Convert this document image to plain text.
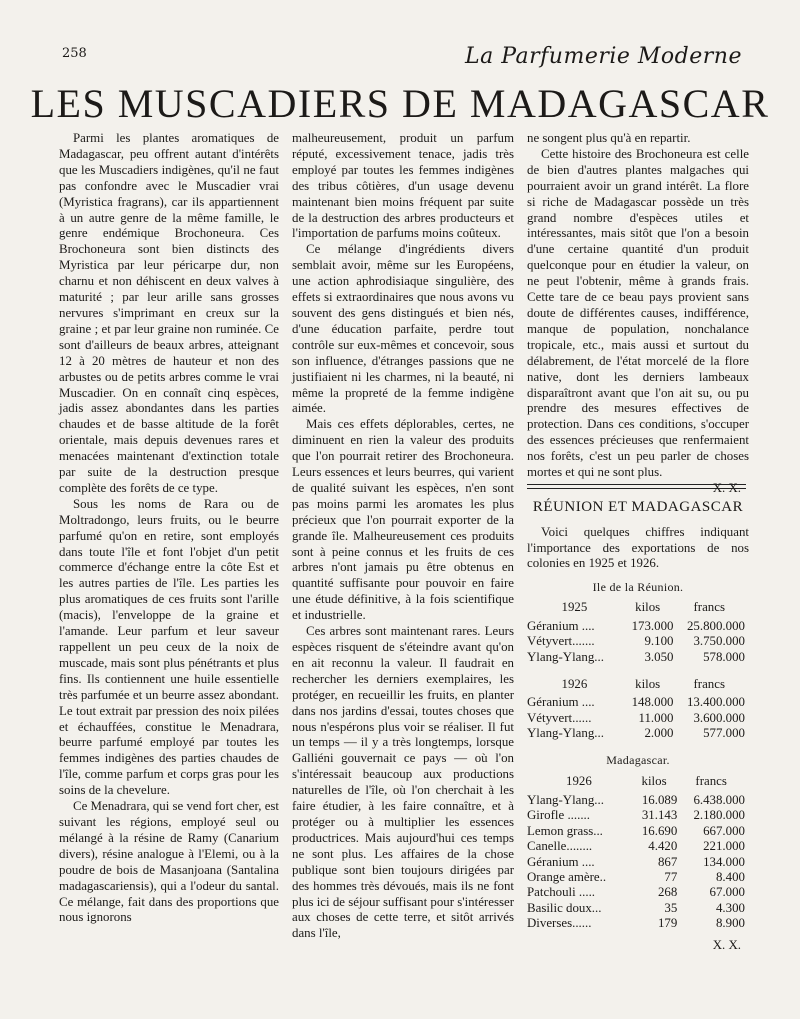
258	La Parfumerie Moderne
LES MUSCADIERS DE MADAGASCAR

Parmi les plantes aromatiques de Madagascar, peu offrent autant d'intérêts que les Muscadiers indigènes, qu'il ne faut pas confondre avec le Muscadier vrai (Myristica fragrans), car ils appartiennent à un autre genre de la même famille, le genre endémique Brochoneura. Ces Brochoneura sont bien distincts des Myristica par leur péricarpe dur, non charnu et non déhiscent en deux valves à maturité ; par leur arille sans grosses nervures s'imprimant en creux sur la graine ; et par leur graine non ruminée. Ce sont d'ailleurs de beaux arbres, atteignant 12 à 20 mètres de hauteur et non des arbustes ou de petits arbres comme le vrai Muscadier. On en connaît cinq espèces, jadis assez abondantes dans les parties chaudes et de basse altitude de la forêt orientale, mais depuis devenues rares et menacées maintenant d'extinction totale par suite de la destruction presque complète des forêts de ce type.

Sous les noms de Rara ou de Moltradongo, leurs fruits, ou le beurre parfumé qu'on en retire, sont employés dans toute l'île et font l'objet d'un petit commerce d'échange entre la côte Est et les autres parties de l'île. Les parties les plus aromatiques de ces fruits sont l'arille (macis), l'enveloppe de la graine et l'amande. Leur parfum et leur saveur rappellent un peu ceux de la noix de muscade, mais sont plus pénétrants et plus fins. Ils contiennent une huile essentielle très parfumée et un beurre assez abondant. Le tout extrait par pression des noix pilées et échauffées, constitue le Menadrara, beurre parfumé employé par toutes les femmes indigènes des parties chaudes de l'île, comme parfum et corps gras pour les soins de la chevelure.

Ce Menadrara, qui se vend fort cher, est suivant les régions, employé seul ou mélangé à la résine de Ramy (Canarium divers), résine analogue à l'Elemi, ou à la poudre de bois de Masanjoana (Santalina madagascariensis), qui a l'odeur du santal. Ce mélange, fait dans des proportions que nous ignorons

malheureusement, produit un parfum réputé, excessivement tenace, jadis très employé par toutes les femmes indigènes des tribus côtières, d'un usage devenu maintenant bien moins fréquent par suite de la destruction des arbres producteurs et l'importation de parfums moins coûteux.

Ce mélange d'ingrédients divers semblait avoir, même sur les Européens, une action aphrodisiaque singulière, des effets si extraordinaires que nous avons vu souvent des gens distingués et bien nés, d'une éducation parfaite, perdre tout contrôle sur eux-mêmes et concevoir, sous son influence, d'étranges passions que ne justifiaient ni les charmes, ni la beauté, ni même la propreté de la femme indigène aimée.

Mais ces effets déplorables, certes, ne diminuent en rien la valeur des produits que l'on pourrait retirer des Brochoneura. Leurs essences et leurs beurres, qui varient de qualité suivant les espèces, n'en sont pas moins parmi les aromates les plus précieux que l'on pourrait exporter de la grande île. Malheureusement ces produits sont à peine connus et les fruits de ces arbres n'ont jamais pu être obtenus en quantité suffisante pour pouvoir en faire une étude définitive, à la fois scientifique et industrielle.

Ces arbres sont maintenant rares. Leurs espèces risquent de s'éteindre avant qu'on en ait reconnu la valeur. Il faudrait en rechercher les derniers exemplaires, les protéger, en recueillir les fruits, en planter dans nos jardins d'essai, toutes choses que nous n'espérons plus voir se réaliser. Il fut un temps — il y a très longtemps, lorsque Galliéni gouvernait ce pays — où l'on s'intéressait beaucoup aux productions naturelles de l'île, où l'on cherchait à les faire étudier, à les faire connaître, et à protéger ou à multiplier les essences productrices. Mais aujourd'hui ces temps ne sont plus. Les affaires de la chose publique sont bien toujours dirigées par des hommes très dévoués, mais ils ne font plus ici de séjour suffisant pour s'intéresser aux choses de cette terre, et sitôt arrivés dans l'île,

ne songent plus qu'à en repartir.

Cette histoire des Brochoneura est celle de bien d'autres plantes malgaches qui pourraient avoir un grand intérêt. La flore si riche de Madagascar possède un très grand nombre d'espèces utiles et intéressantes, mais sitôt que l'on a besoin d'une certaine quantité d'un produit quelconque pour en étudier la valeur, on ne peut l'obtenir, même à grands frais. Cette tare de ce beau pays provient sans doute de différentes causes, indifférence, manque de population, nonchalance tropicale, etc., mais aussi et surtout du délabrement, de l'état morcelé de la flore native, dont les derniers lambeaux disparaîtront avant que l'on ait su, ou pu prendre des mesures effectives de protection. Dans ces conditions, s'occuper des essences précieuses que renfermaient nos forêts, c'est un peu parler de choses mortes et qui ne sont plus.

X. X.
RÉUNION ET MADAGASCAR

Voici quelques chiffres indiquant l'importance des exportations de nos colonies en 1925 et 1926.

Ile de la Réunion.
1925	kilos	francs
Géranium ....	173.000	25.800.000
Vétyvert.......	9.100	3.750.000
Ylang-Ylang...	3.050	578.000
1926	kilos	francs
Géranium ....	148.000	13.400.000
Vétyvert......	11.000	3.600.000
Ylang-Ylang...	2.000	577.000
Madagascar.
1926	kilos	francs
Ylang-Ylang...	16.089	6.438.000
Girofle .......	31.143	2.180.000
Lemon grass...	16.690	667.000
Canelle........	4.420	221.000
Géranium ....	867	134.000
Orange amère..	77	8.400
Patchouli .....	268	67.000
Basilic doux...	35	4.300
Diverses......	179	8.900
X. X.
